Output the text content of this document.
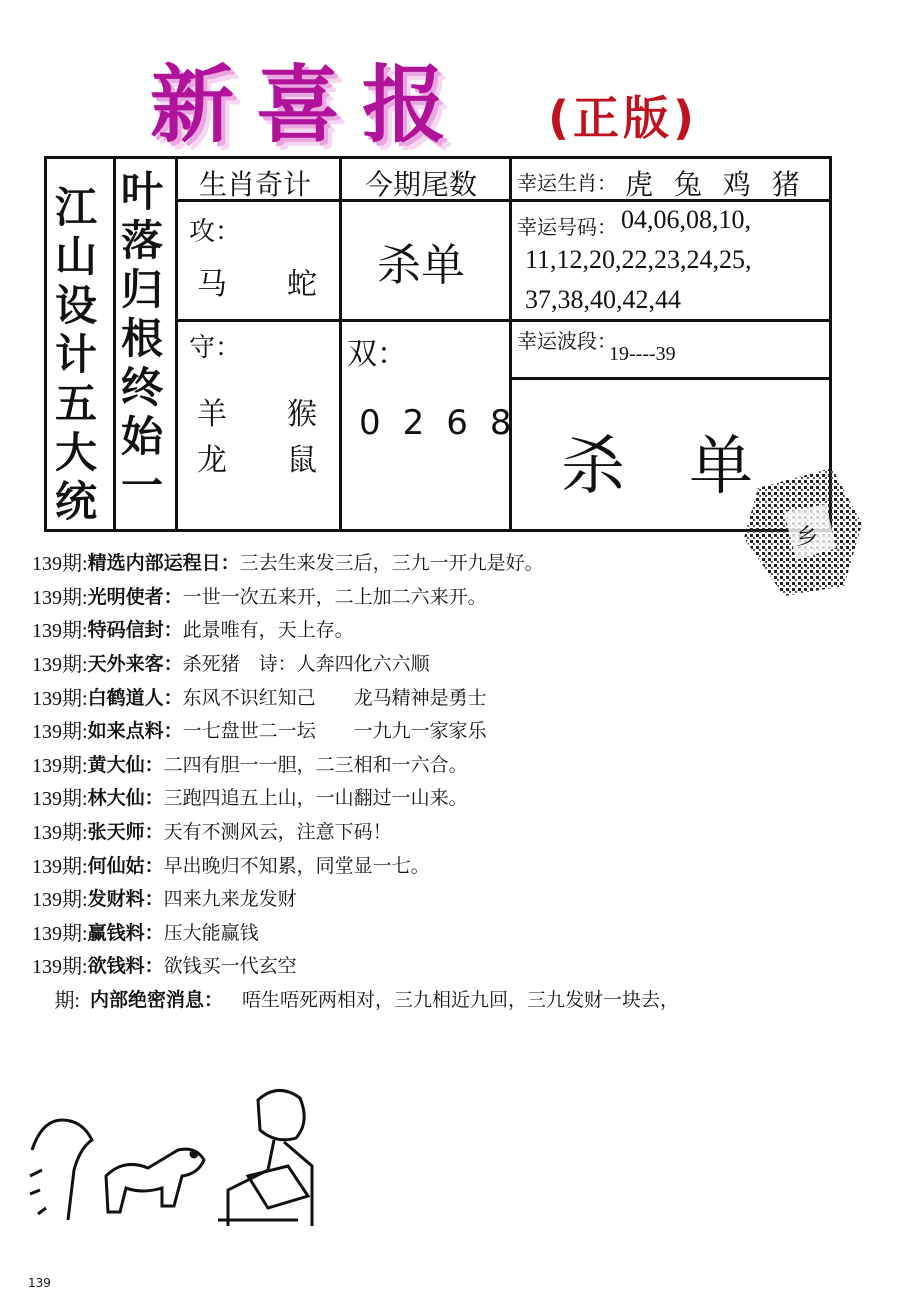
新喜报 (正版)
江
山
设
计
五
大
统
叶
落
归
根
终
始
一
生肖奇计
攻：
马　　蛇
守：
羊　　猴
龙　　鼠
今期尾数
杀单
双：
0268
幸运生肖： 虎 兔 鸡 猪
幸运号码： 04,06,08,10,
11,12,20,22,23,24,25,
37,38,40,42,44
幸运波段：
19----39
杀　单
乡
139期: 精选内部运程日： 三去生来发三后，三九一开九是好。
139期: 光明使者： 一世一次五来开，二上加二六来开。
139期: 特码信封： 此景唯有，天上存。
139期: 天外来客： 杀死猪　诗：人奔四化六六顺
139期: 白鹤道人： 东风不识红知己　　龙马精神是勇士
139期: 如来点料： 一七盘世二一坛　　一九九一家家乐
139期: 黄大仙： 二四有胆一一胆，二三相和一六合。
139期: 林大仙： 三跑四追五上山，一山翻过一山来。
139期: 张天师： 天有不测风云，注意下码！
139期: 何仙姑： 早出晚归不知累，同堂显一七。
139期: 发财料： 四来九来龙发财
139期: 赢钱料： 压大能赢钱
139期: 欲钱料： 欲钱买一代玄空
期: 内部绝密消息： 　唔生唔死两相对，三九相近九回，三九发财一块去，
139
